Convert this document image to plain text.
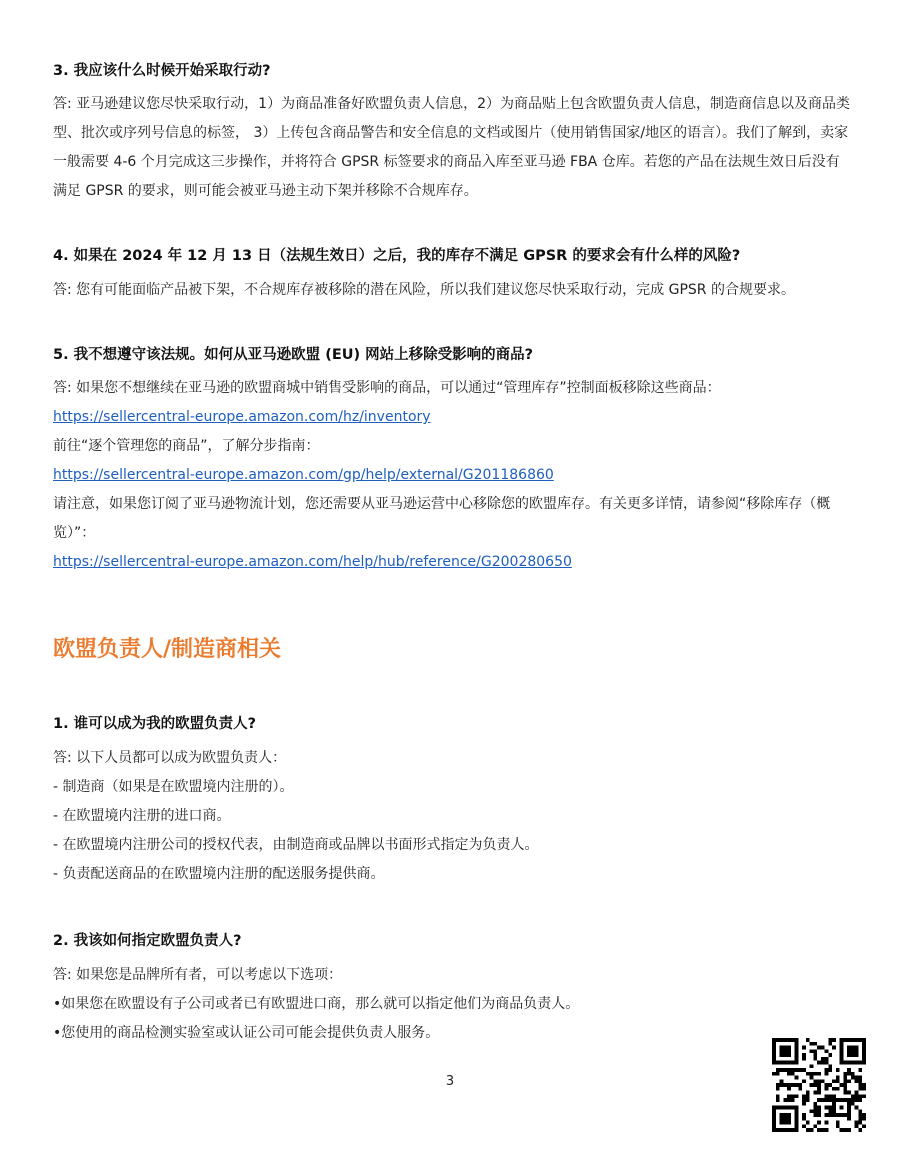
3. 我应该什么时候开始采取行动?

答: 亚马逊建议您尽快采取行动，1）为商品准备好欧盟负责人信息，2）为商品贴上包含欧盟负责人信息，制造商信息以及商品类型、批次或序列号信息的标签， 3）上传包含商品警告和安全信息的文档或图片（使用销售国家/地区的语言）。我们了解到，卖家一般需要 4-6 个月完成这三步操作，并将符合 GPSR 标签要求的商品入库至亚马逊 FBA 仓库。若您的产品在法规生效日后没有满足 GPSR 的要求，则可能会被亚马逊主动下架并移除不合规库存。

4. 如果在 2024 年 12 月 13 日（法规生效日）之后，我的库存不满足 GPSR 的要求会有什么样的风险?

答: 您有可能面临产品被下架，不合规库存被移除的潜在风险，所以我们建议您尽快采取行动，完成 GPSR 的合规要求。

5. 我不想遵守该法规。如何从亚马逊欧盟 (EU) 网站上移除受影响的商品?

答: 如果您不想继续在亚马逊的欧盟商城中销售受影响的商品，可以通过“管理库存”控制面板移除这些商品：

https://sellercentral-europe.amazon.com/hz/inventory

前往“逐个管理您的商品”，了解分步指南：

https://sellercentral-europe.amazon.com/gp/help/external/G201186860

请注意，如果您订阅了亚马逊物流计划，您还需要从亚马逊运营中心移除您的欧盟库存。有关更多详情，请参阅“移除库存（概览）”：

https://sellercentral-europe.amazon.com/help/hub/reference/G200280650
欧盟负责人/制造商相关

1. 谁可以成为我的欧盟负责人?

答: 以下人员都可以成为欧盟负责人：

- 制造商（如果是在欧盟境内注册的）。

- 在欧盟境内注册的进口商。

- 在欧盟境内注册公司的授权代表，由制造商或品牌以书面形式指定为负责人。

- 负责配送商品的在欧盟境内注册的配送服务提供商。

2. 我该如何指定欧盟负责人?

答: 如果您是品牌所有者，可以考虑以下选项：

•如果您在欧盟设有子公司或者已有欧盟进口商，那么就可以指定他们为商品负责人。

•您使用的商品检测实验室或认证公司可能会提供负责人服务。

3
